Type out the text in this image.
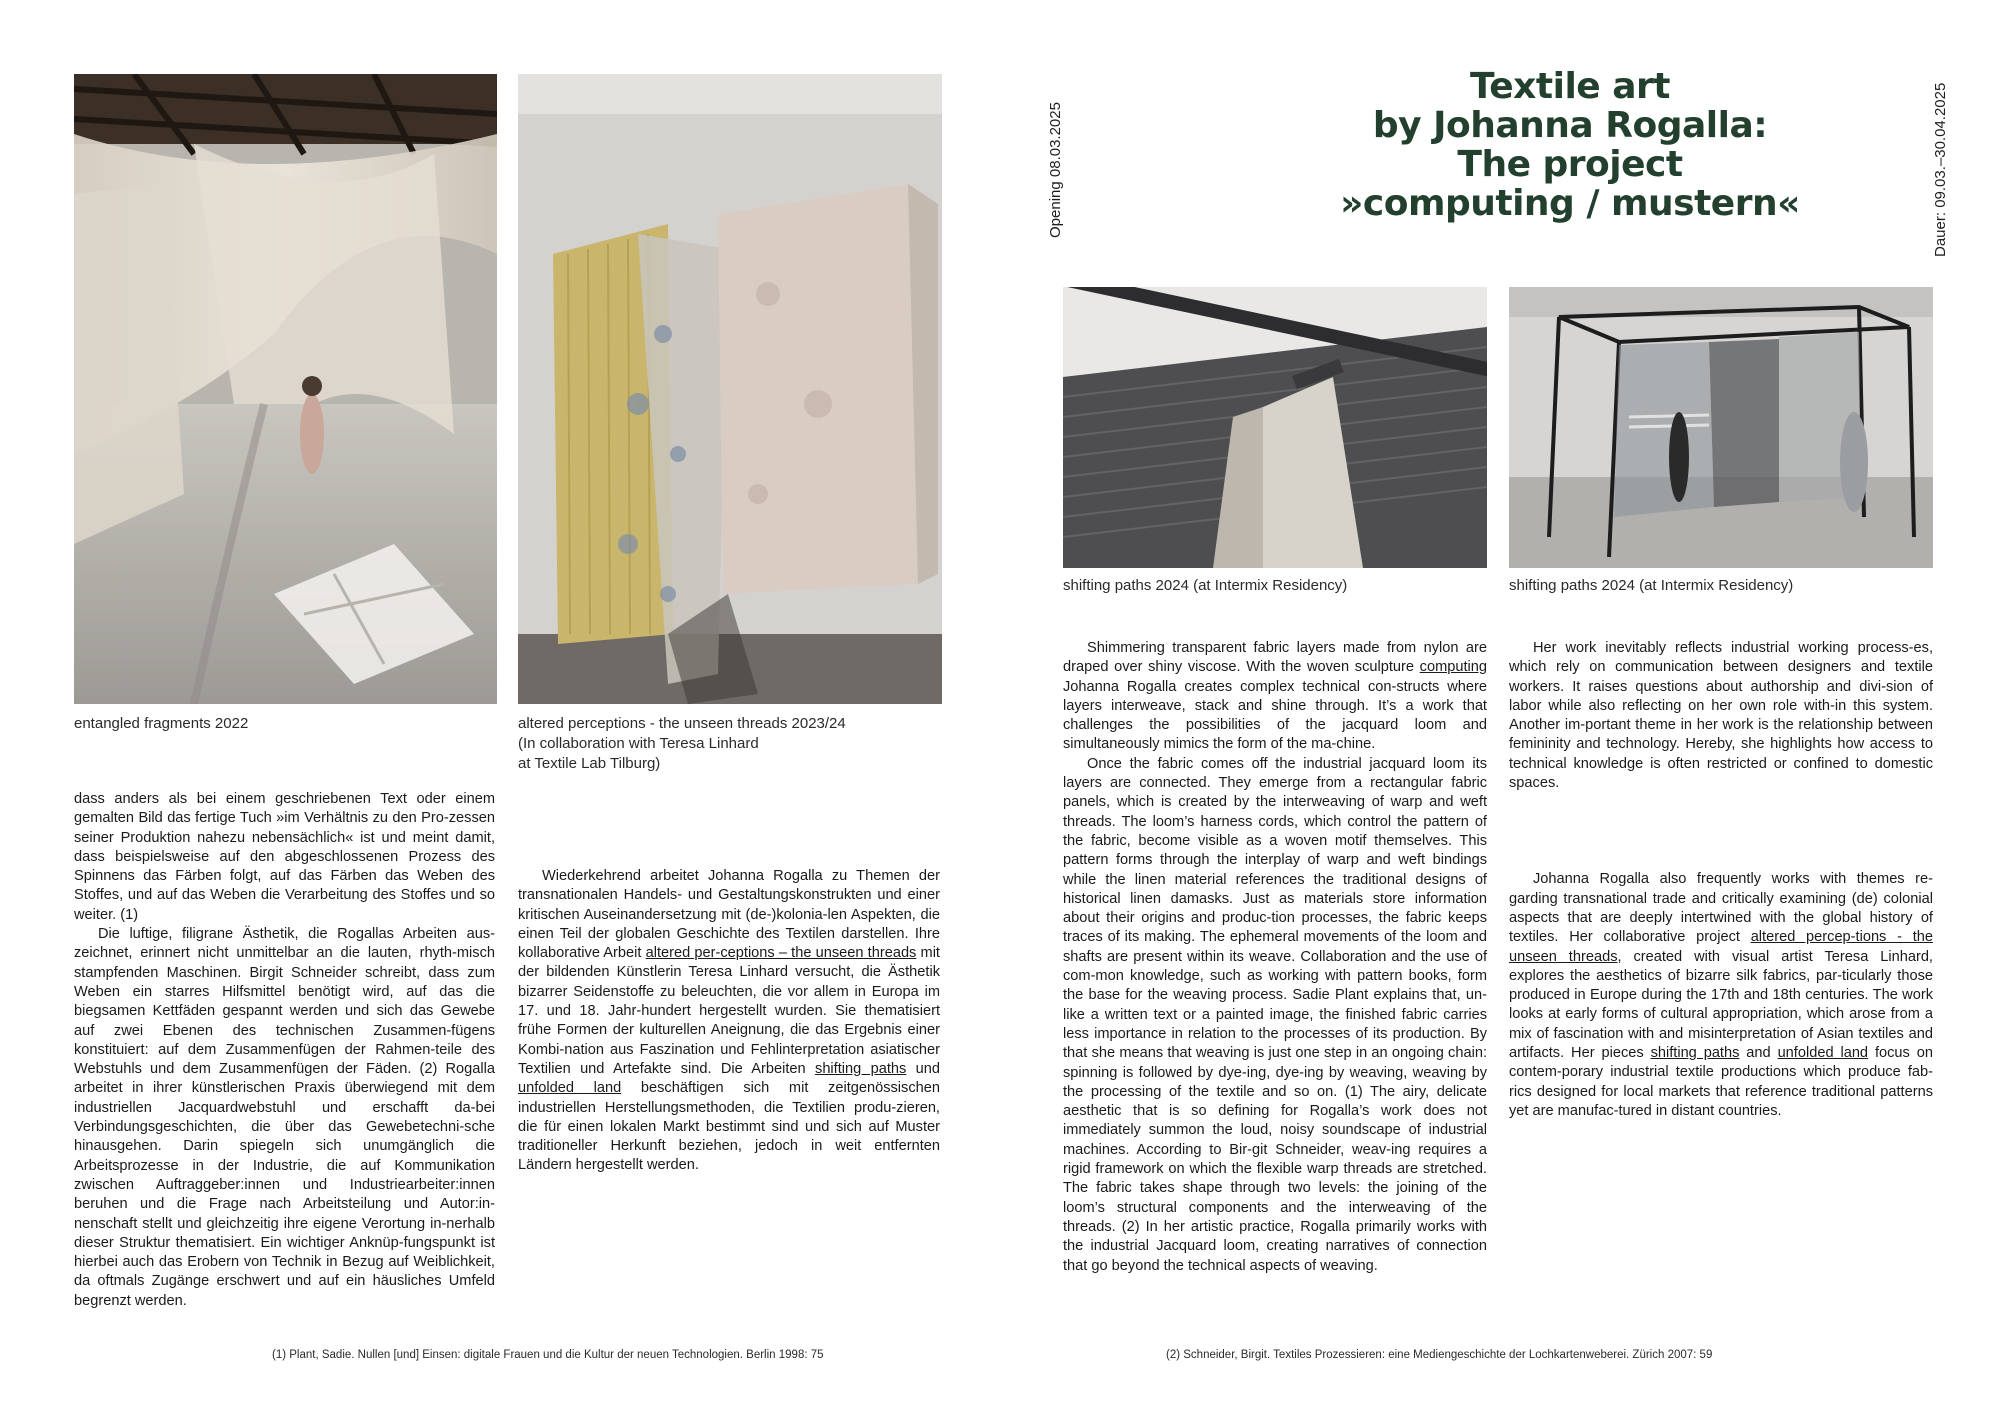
entangled fragments 2022	altered perceptions - the unseen threads 2023/24
(In collaboration with Teresa Linhard
at Textile Lab Tilburg)

dass anders als bei einem geschriebenen Text oder einem gemalten Bild das fertige Tuch »im Verhältnis zu den Pro-zessen seiner Produktion nahezu nebensächlich« ist und meint damit, dass beispielsweise auf den abgeschlossenen Prozess des Spinnens das Färben folgt, auf das Färben das Weben des Stoffes, und auf das Weben die Verarbeitung des Stoffes und so weiter. (1)

Die luftige, filigrane Ästhetik, die Rogallas Arbeiten aus-zeichnet, erinnert nicht unmittelbar an die lauten, rhyth-misch stampfenden Maschinen. Birgit Schneider schreibt, dass zum Weben ein starres Hilfsmittel benötigt wird, auf das die biegsamen Kettfäden gespannt werden und sich das Gewebe auf zwei Ebenen des technischen Zusammen-fügens konstituiert: auf dem Zusammenfügen der Rahmen-teile des Webstuhls und dem Zusammenfügen der Fäden. (2) Rogalla arbeitet in ihrer künstlerischen Praxis überwiegend mit dem industriellen Jacquardwebstuhl und erschafft da-bei Verbindungsgeschichten, die über das Gewebetechni-sche hinausgehen. Darin spiegeln sich unumgänglich die Arbeitsprozesse in der Industrie, die auf Kommunikation zwischen Auftraggeber:innen und Industriearbeiter:innen beruhen und die Frage nach Arbeitsteilung und Autor:in-nenschaft stellt und gleichzeitig ihre eigene Verortung in-nerhalb dieser Struktur thematisiert. Ein wichtiger Anknüp-fungspunkt ist hierbei auch das Erobern von Technik in Bezug auf Weiblichkeit, da oftmals Zugänge erschwert und auf ein häusliches Umfeld begrenzt werden.

Wiederkehrend arbeitet Johanna Rogalla zu Themen der transnationalen Handels- und Gestaltungskonstrukten und einer kritischen Auseinandersetzung mit (de-)kolonia-len Aspekten, die einen Teil der globalen Geschichte des Textilen darstellen. Ihre kollaborative Arbeit altered per-ceptions – the unseen threads mit der bildenden Künstlerin Teresa Linhard versucht, die Ästhetik bizarrer Seidenstoffe zu beleuchten, die vor allem in Europa im 17. und 18. Jahr-hundert hergestellt wurden. Sie thematisiert frühe Formen der kulturellen Aneignung, die das Ergebnis einer Kombi-nation aus Faszination und Fehlinterpretation asiatischer Textilien und Artefakte sind. Die Arbeiten shifting paths und unfolded land beschäftigen sich mit zeitgenössischen industriellen Herstellungsmethoden, die Textilien produ-zieren, die für einen lokalen Markt bestimmt sind und sich auf Muster traditioneller Herkunft beziehen, jedoch in weit entfernten Ländern hergestellt werden.

(1) Plant, Sadie. Nullen [und] Einsen: digitale Frauen und die Kultur der neuen Technologien. Berlin 1998: 75
Opening 08.03.2025	Dauer: 09.03.–30.04.2025
Textile art
by Johanna Rogalla:
The project
»computing / mustern«
shifting paths 2024 (at Intermix Residency)	shifting paths 2024 (at Intermix Residency)

Shimmering transparent fabric layers made from nylon are draped over shiny viscose. With the woven sculpture computing Johanna Rogalla creates complex technical con-structs where layers interweave, stack and shine through. It’s a work that challenges the possibilities of the jacquard loom and simultaneously mimics the form of the ma-chine.

Once the fabric comes off the industrial jacquard loom its layers are connected. They emerge from a rectangular fabric panels, which is created by the interweaving of warp and weft threads. The loom’s harness cords, which control the pattern of the fabric, become visible as a woven motif themselves. This pattern forms through the interplay of warp and weft bindings while the linen material references the traditional designs of historical linen damasks. Just as materials store information about their origins and produc-tion processes, the fabric keeps traces of its making. The ephemeral movements of the loom and shafts are present within its weave. Collaboration and the use of com-mon knowledge, such as working with pattern books, form the base for the weaving process. Sadie Plant explains that, un-like a written text or a painted image, the finished fabric carries less importance in relation to the processes of its production. By that she means that weaving is just one step in an ongoing chain: spinning is followed by dye-ing, dye-ing by weaving, weaving by the processing of the textile and so on. (1) The airy, delicate aesthetic that is so defining for Rogalla’s work does not immediately summon the loud, noisy soundscape of industrial machines. According to Bir-git Schneider, weav-ing requires a rigid framework on which the flexible warp threads are stretched. The fabric takes shape through two levels: the joining of the loom’s structural components and the interweaving of the threads. (2) In her artistic practice, Rogalla primarily works with the industrial Jacquard loom, creating narratives of connection that go beyond the technical aspects of weaving.

Her work inevitably reflects industrial working process-es, which rely on communication between designers and textile workers. It raises questions about authorship and divi-sion of labor while also reflecting on her own role with-in this system. Another im-portant theme in her work is the relationship between femininity and technology. Hereby, she highlights how access to technical knowledge is often restricted or confined to domestic spaces.

Johanna Rogalla also frequently works with themes re-garding transnational trade and critically examining (de) colonial aspects that are deeply intertwined with the global history of textiles. Her collaborative project altered percep-tions - the unseen threads, created with visual artist Teresa Linhard, explores the aesthetics of bizarre silk fabrics, par-ticularly those produced in Europe during the 17th and 18th centuries. The work looks at early forms of cultural appropriation, which arose from a mix of fascination with and misinterpretation of Asian textiles and artifacts. Her pieces shifting paths and unfolded land focus on contem-porary industrial textile productions which produce fab-rics designed for local markets that reference traditional patterns yet are manufac-tured in distant countries.

(2) Schneider, Birgit. Textiles Prozessieren: eine Mediengeschichte der Lochkartenweberei. Zürich 2007: 59
